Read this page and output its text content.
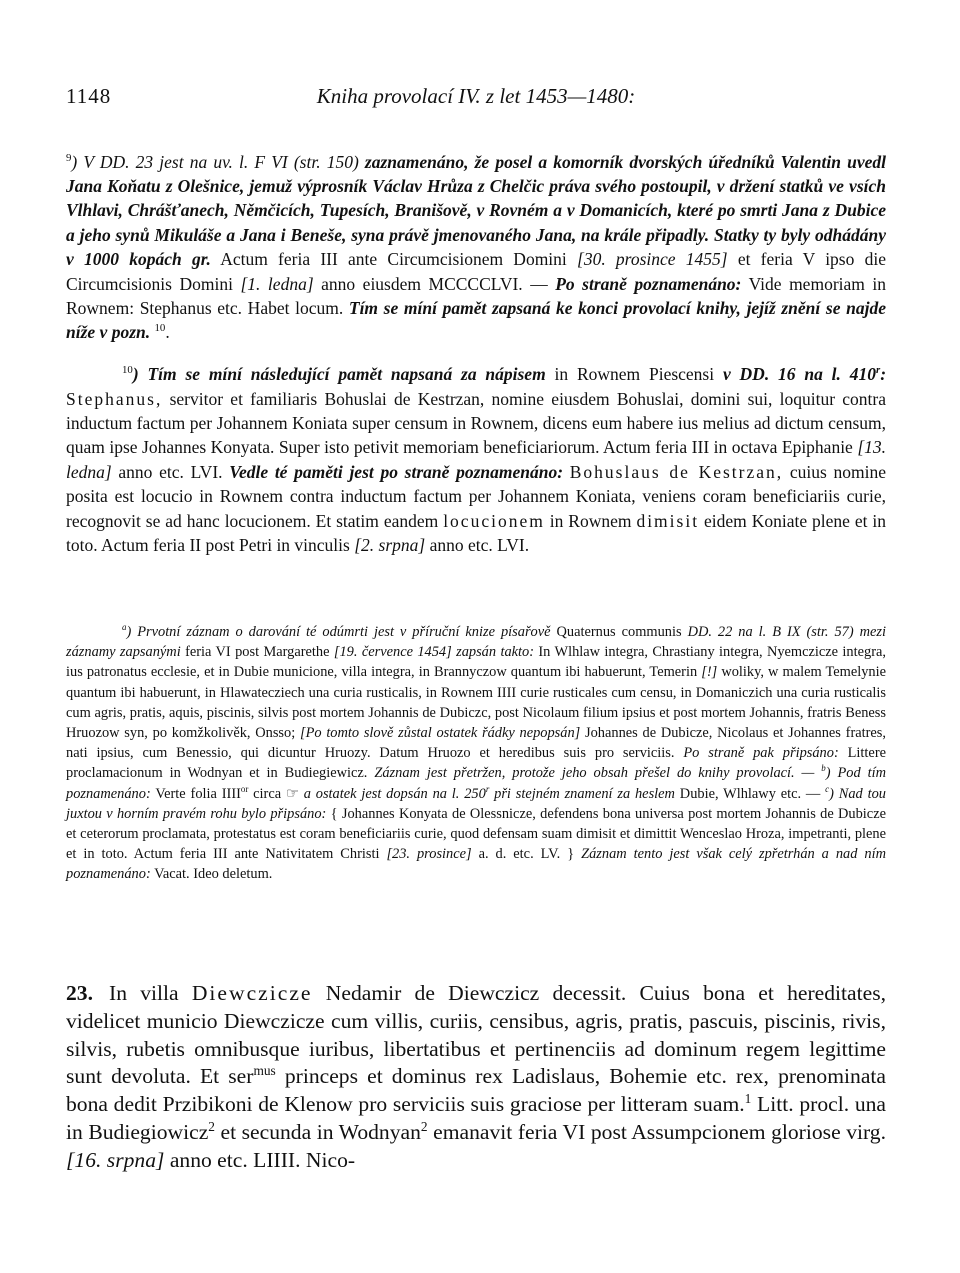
1148	Kniha provolací IV. z let 1453—1480:

$^9$) V DD. 23 jest na uv. l. F VI (str. 150) zaznamenáno, že posel a komorník dvorských úředníků Valentin uvedl Jana Koňatu z Olešnice, jemuž výprosník Václav Hrůza z Chelčic práva svého postoupil, v držení statků ve vsích Vlhlavi, Chrášťanech, Němčicích, Tupesích, Branišově, v Rovném a v Domanicích, které po smrti Jana z Dubice a jeho synů Mikuláše a Jana i Beneše, syna právě jmenovaného Jana, na krále připadly. Statky ty byly odhádány v 1000 kopách gr. Actum feria III ante Circumcisionem Domini [30. prosince 1455] et feria V ipso die Circumcisionis Domini [1. ledna] anno eiusdem MCCCCLVI. — Po straně poznamenáno: Vide memoriam in Rownem: Stephanus etc. Habet locum. Tím se míní pamět zapsaná ke konci provolací knihy, jejíž znění se najde níže v pozn. $^{10}$.

$^{10}$) Tím se míní následující pamět napsaná za nápisem in Rownem Piescensi v DD. 16 na l. 410$^r$: Stephanus, servitor et familiaris Bohuslai de Kestrzan, nomine eiusdem Bohuslai, domini sui, loquitur contra inductum factum per Johannem Koniata super censum in Rownem, dicens eum habere ius melius ad dictum censum, quam ipse Johannes Konyata. Super isto petivit memoriam beneficiariorum. Actum feria III in octava Epiphanie [13. ledna] anno etc. LVI. Vedle té paměti jest po straně poznamenáno: Bohuslaus de Kestrzan, cuius nomine posita est locucio in Rownem contra inductum factum per Johannem Koniata, veniens coram beneficiariis curie, recognovit se ad hanc locucionem. Et statim eandem locucionem in Rownem dimisit eidem Koniate plene et in toto. Actum feria II post Petri in vinculis [2. srpna] anno etc. LVI.

$^a$) Prvotní záznam o darování té odúmrti jest v příruční knize písařově Quaternus communis DD. 22 na l. B IX (str. 57) mezi záznamy zapsanými feria VI post Margarethe [19. července 1454] zapsán takto: In Wlhlaw integra, Chrastiany integra, Nyemczicze integra, ius patronatus ecclesie, et in Dubie municione, villa integra, in Brannyczow quantum ibi habuerunt, Temerin [!] woliky, w malem Temelynie quantum ibi habuerunt, in Hlawatecziech una curia rusticalis, in Rownem IIII curie rusticales cum censu, in Domaniczich una curia rusticalis cum agris, pratis, aquis, piscinis, silvis post mortem Johannis de Dubiczc, post Nicolaum filium ipsius et post mortem Johannis, fratris Beness Hruozow syn, po komžkolivěk, Onsso; [Po tomto slově zůstal ostatek řádky nepopsán] Johannes de Dubicze, Nicolaus et Johannes fratres, nati ipsius, cum Benessio, qui dicuntur Hruozy. Datum Hruozo et heredibus suis pro serviciis. Po straně pak připsáno: Littere proclamacionum in Wodnyan et in Budiegiewicz. Záznam jest přetržen, protože jeho obsah přešel do knihy provolací. — $^b$) Pod tím poznamenáno: Verte folia $IIII^{or}$ circa ☞ a ostatek jest dopsán na l. 250$^r$ při stejném znamení za heslem Dubie, Wlhlawy etc. — $^c$) Nad tou juxtou v horním pravém rohu bylo připsáno: { Johannes Konyata de Olessnicze, defendens bona universa post mortem Johannis de Dubicze et ceterorum proclamata, protestatus est coram beneficiariis curie, quod defensam suam dimisit et dimittit Wenceslao Hroza, impetranti, plene et in toto. Actum feria III ante Nativitatem Christi [23. prosince] a. d. etc. LV. } Záznam tento jest však celý zpřetrhán a nad ním poznamenáno: Vacat. Ideo deletum.

23. In villa Diewczicze Nedamir de Diewczicz decessit. Cuius bona et hereditates, videlicet municio Diewczicze cum villis, curiis, censibus, agris, pratis, pascuis, piscinis, rivis, silvis, rubetis omnibusque iuribus, libertatibus et pertinenciis ad dominum regem legittime sunt devoluta. Et ser$^{mus}$ princeps et dominus rex Ladislaus, Bohemie etc. rex, prenominata bona dedit Przibikoni de Klenow pro serviciis suis graciose per litteram suam.$^1$ Litt. procl. una in Budiegiowicz$^2$ et secunda in Wodnyan$^2$ emanavit feria VI post Assumpcionem gloriose virg. [16. srpna] anno etc. LIIII. Nico-
